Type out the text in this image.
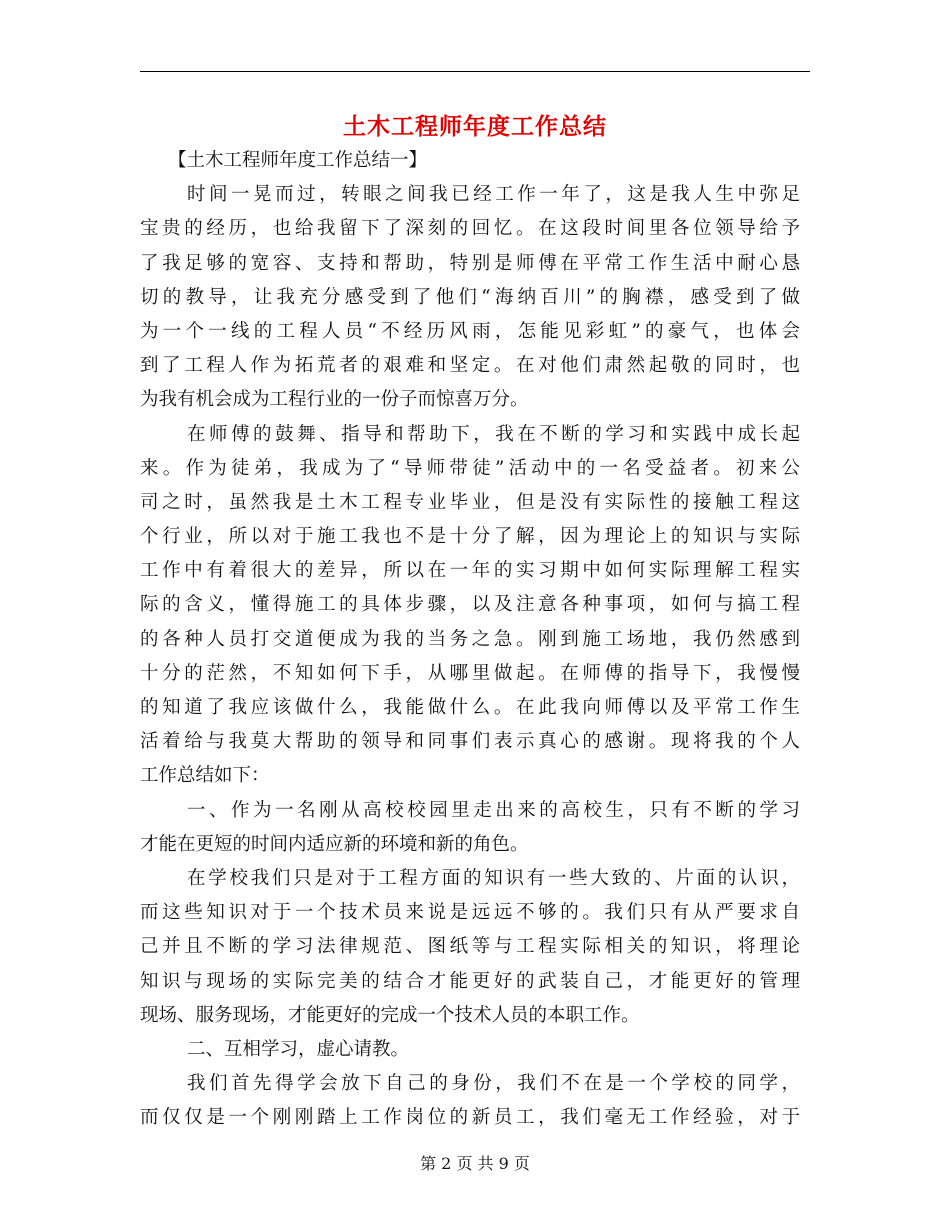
土木工程师年度工作总结
【土木工程师年度工作总结一】
时间一晃而过，转眼之间我已经工作一年了，这是我人生中弥足
宝贵的经历，也给我留下了深刻的回忆。在这段时间里各位领导给予
了我足够的宽容、支持和帮助，特别是师傅在平常工作生活中耐心恳
切的教导，让我充分感受到了他们“海纳百川”的胸襟，感受到了做
为一个一线的工程人员“不经历风雨，怎能见彩虹”的豪气，也体会
到了工程人作为拓荒者的艰难和坚定。在对他们肃然起敬的同时，也
为我有机会成为工程行业的一份子而惊喜万分。
在师傅的鼓舞、指导和帮助下，我在不断的学习和实践中成长起
来。作为徒弟，我成为了“导师带徒”活动中的一名受益者。初来公
司之时，虽然我是土木工程专业毕业，但是没有实际性的接触工程这
个行业，所以对于施工我也不是十分了解，因为理论上的知识与实际
工作中有着很大的差异，所以在一年的实习期中如何实际理解工程实
际的含义，懂得施工的具体步骤，以及注意各种事项，如何与搞工程
的各种人员打交道便成为我的当务之急。刚到施工场地，我仍然感到
十分的茫然，不知如何下手，从哪里做起。在师傅的指导下，我慢慢
的知道了我应该做什么，我能做什么。在此我向师傅以及平常工作生
活着给与我莫大帮助的领导和同事们表示真心的感谢。现将我的个人
工作总结如下：
一、作为一名刚从高校校园里走出来的高校生，只有不断的学习
才能在更短的时间内适应新的环境和新的角色。
在学校我们只是对于工程方面的知识有一些大致的、片面的认识，
而这些知识对于一个技术员来说是远远不够的。我们只有从严要求自
己并且不断的学习法律规范、图纸等与工程实际相关的知识，将理论
知识与现场的实际完美的结合才能更好的武装自己，才能更好的管理
现场、服务现场，才能更好的完成一个技术人员的本职工作。
二、互相学习，虚心请教。
我们首先得学会放下自己的身份，我们不在是一个学校的同学，
而仅仅是一个刚刚踏上工作岗位的新员工，我们毫无工作经验，对于
第 2 页 共 9 页
